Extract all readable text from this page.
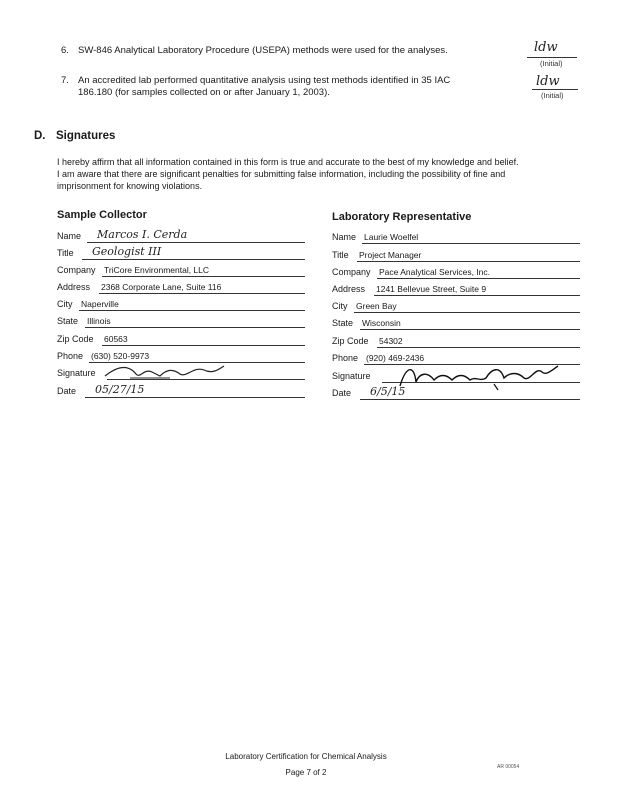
6. SW-846 Analytical Laboratory Procedure (USEPA) methods were used for the analyses.	ldw
(Initial)
7. An accredited lab performed quantitative analysis using test methods identified in 35 IAC
186.180 (for samples collected on or after January 1, 2003).
ldw
(Initial)
D. Signatures
I hereby affirm that all information contained in this form is true and accurate to the best of my knowledge and belief.
I am aware that there are significant penalties for submitting false information, including the possibility of fine and
imprisonment for knowing violations.
Sample Collector	Laboratory Representative
Name Marcos I. Cerda
Title Geologist III
Company TriCore Environmental, LLC
Address 2368 Corporate Lane, Suite 116
City Naperville
State Illinois
Zip Code 60563
Phone (630) 520-9973
Signature
Date 05/27/15
Name Laurie Woelfel
Title Project Manager
Company Pace Analytical Services, Inc.
Address 1241 Bellevue Street, Suite 9
City Green Bay
State Wisconsin
Zip Code 54302
Phone (920) 469-2436
Signature
Date 6/5/15
Laboratory Certification for Chemical Analysis
Page 7 of 2
AR 00054
